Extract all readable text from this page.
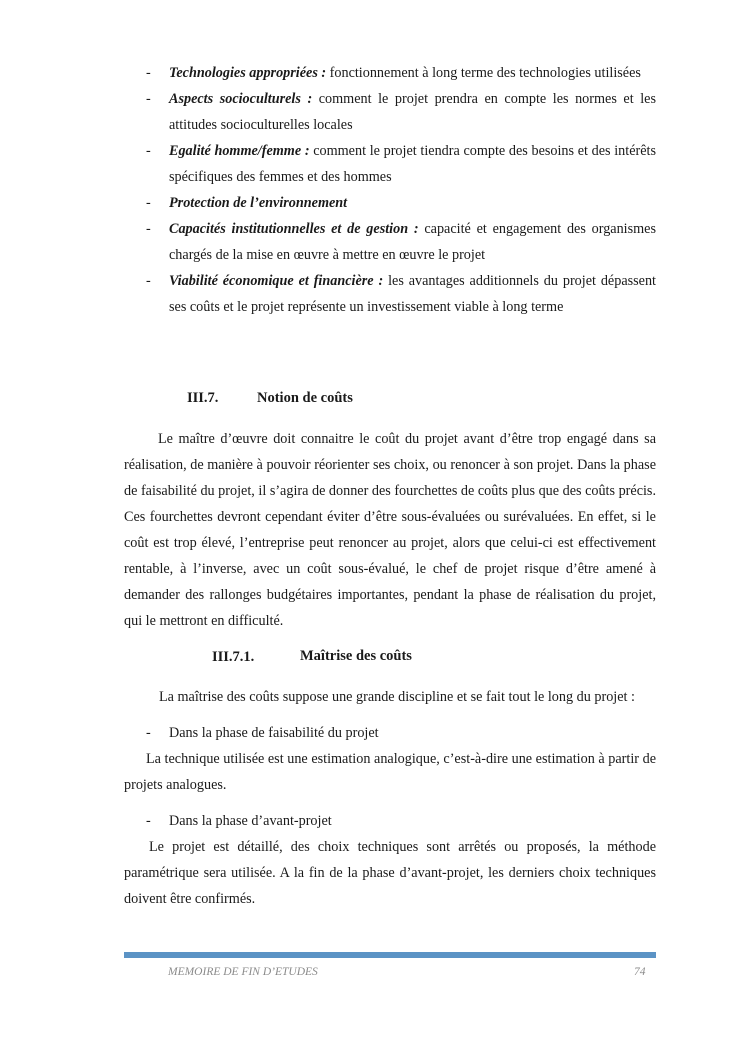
-	Technologies appropriées : fonctionnement à long terme des technologies utilisées
-	Aspects socioculturels : comment le projet prendra en compte les normes et les attitudes socioculturelles locales
-	Egalité homme/femme : comment le projet tiendra compte des besoins et des intérêts spécifiques des femmes et des hommes
-	Protection de l’environnement
-	Capacités institutionnelles et de gestion : capacité et engagement des organismes chargés de la mise en œuvre à mettre en œuvre le projet
-	Viabilité économique et financière : les avantages additionnels du projet dépassent ses coûts et le projet représente un investissement viable à long terme
III.7.	Notion de coûts

Le maître d’œuvre doit connaitre le coût du projet avant d’être trop engagé dans sa réalisation, de manière à pouvoir réorienter ses choix, ou renoncer à son projet. Dans la phase de faisabilité du projet, il s’agira de donner des fourchettes de coûts plus que des coûts précis. Ces fourchettes devront cependant éviter d’être sous-évaluées ou surévaluées. En effet, si le coût est trop élevé, l’entreprise peut renoncer au projet, alors que celui-ci est effectivement rentable, à l’inverse, avec un coût sous-évalué, le chef de projet risque d’être amené à demander des rallonges budgétaires importantes, pendant la phase de réalisation du projet, qui le mettront en difficulté.

III.7.1.	Maîtrise des coûts

La maîtrise des coûts suppose une grande discipline et se fait tout le long du projet :

-	Dans la phase de faisabilité du projet

La technique utilisée est une estimation analogique, c’est-à-dire une estimation à partir de projets analogues.

-	Dans la phase d’avant-projet

Le projet est détaillé, des choix techniques sont arrêtés ou proposés, la méthode paramétrique sera utilisée. A la fin de la phase d’avant-projet, les derniers choix techniques doivent être confirmés.

MEMOIRE DE FIN D’ETUDES	74
